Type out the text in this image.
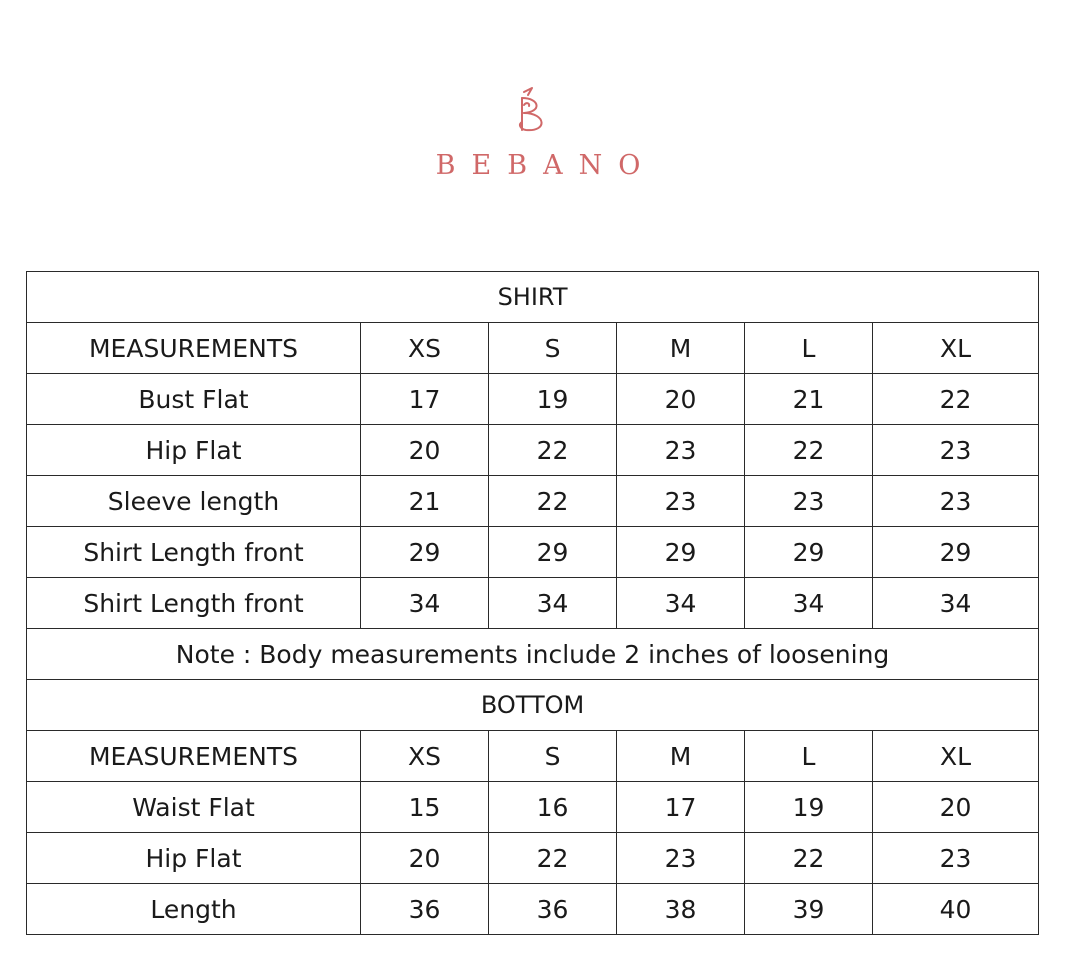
BEBANO
SHIRT					
MEASUREMENTS	XS	S	M	L	XL
Bust Flat	17	19	20	21	22
Hip Flat	20	22	23	22	23
Sleeve length	21	22	23	23	23
Shirt Length front	29	29	29	29	29
Shirt Length front	34	34	34	34	34
Note : Body measurements include 2 inches of loosening					
BOTTOM					
MEASUREMENTS	XS	S	M	L	XL
Waist Flat	15	16	17	19	20
Hip Flat	20	22	23	22	23
Length	36	36	38	39	40
